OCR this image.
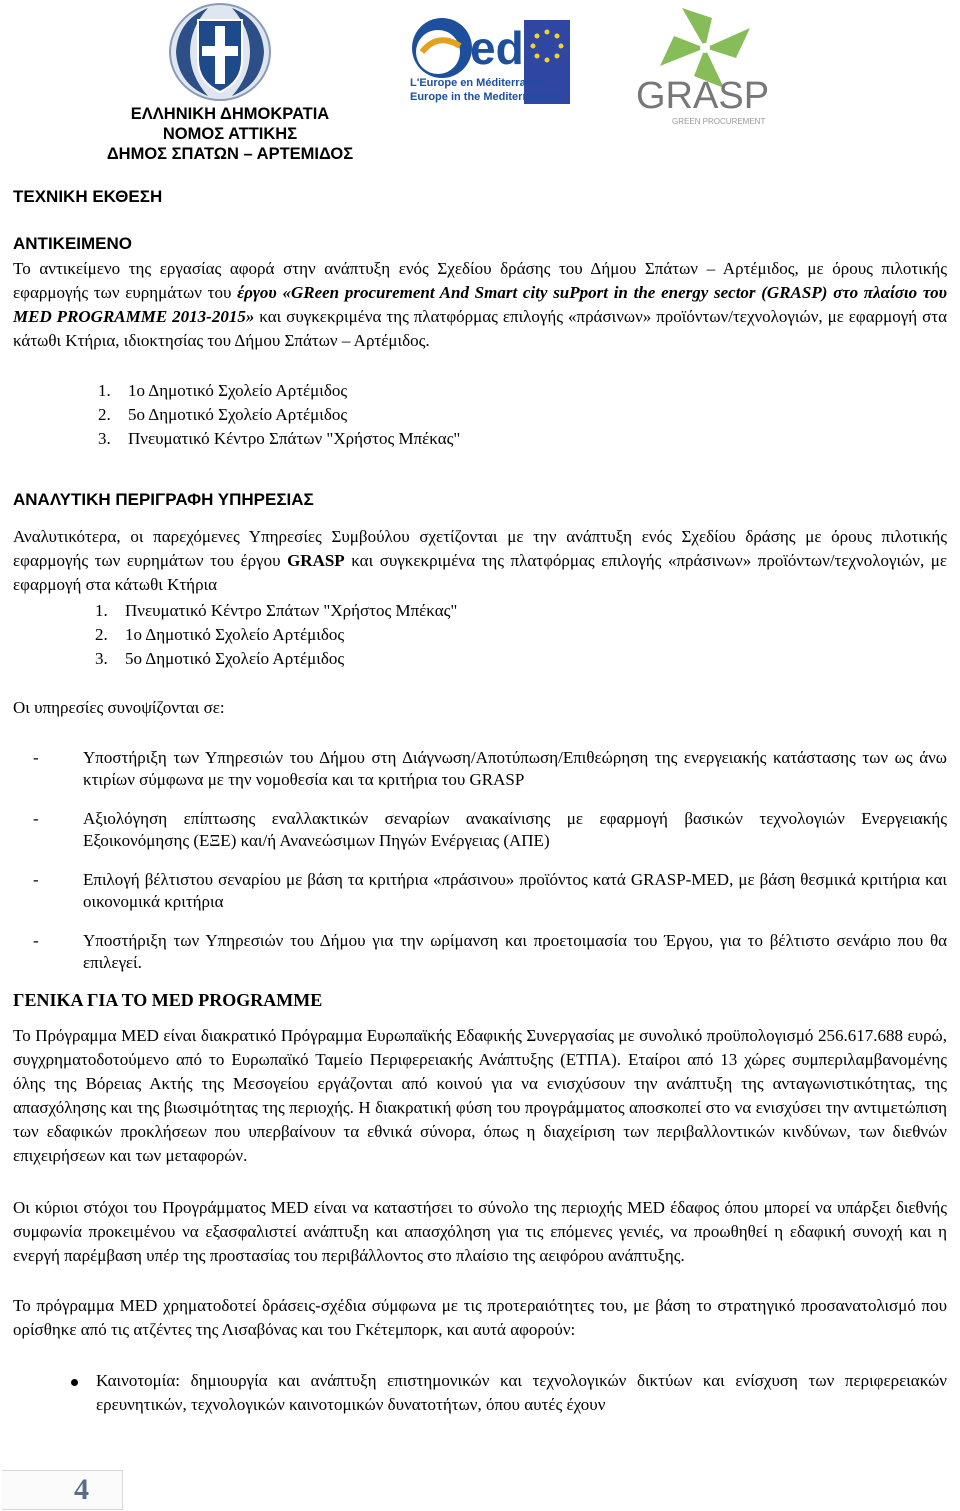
ΕΛΛΗΝΙΚΗ ΔΗΜΟΚΡΑΤΙΑ
ΝΟΜΟΣ ΑΤΤΙΚΗΣ
ΔΗΜΟΣ ΣΠΑΤΩΝ – ΑΡΤΕΜΙΔΟΣ
ed
L'Europe en Méditerranée
Europe in the Mediterranean GRASP
GREEN PROCUREMENT
ΤΕΧΝΙΚΗ ΕΚΘΕΣΗ
ΑΝΤΙΚΕΙΜΕΝΟ

Το αντικείμενο της εργασίας αφορά στην ανάπτυξη ενός Σχεδίου δράσης του Δήμου Σπάτων – Αρτέμιδος, με όρους πιλοτικής εφαρμογής των ευρημάτων του έργου «GReen procurement And Smart city suPport in the energy sector (GRASP) στο πλαίσιο του MED PROGRAMME 2013-2015» και συγκεκριμένα της πλατφόρμας επιλογής «πράσινων» προϊόντων/τεχνολογιών, με εφαρμογή στα κάτωθι Κτήρια, ιδιοκτησίας του Δήμου Σπάτων – Αρτέμιδος.

1. 1ο Δημοτικό Σχολείο Αρτέμιδος
2. 5ο Δημοτικό Σχολείο Αρτέμιδος
3. Πνευματικό Κέντρο Σπάτων "Χρήστος Μπέκας"
ΑΝΑΛΥΤΙΚΗ ΠΕΡΙΓΡΑΦΗ ΥΠΗΡΕΣΙΑΣ

Αναλυτικότερα, οι παρεχόμενες Υπηρεσίες Συμβούλου σχετίζονται με την ανάπτυξη ενός Σχεδίου δράσης με όρους πιλοτικής εφαρμογής των ευρημάτων του έργου GRASP και συγκεκριμένα της πλατφόρμας επιλογής «πράσινων» προϊόντων/τεχνολογιών, με εφαρμογή στα κάτωθι Κτήρια

1. Πνευματικό Κέντρο Σπάτων "Χρήστος Μπέκας"
2. 1ο Δημοτικό Σχολείο Αρτέμιδος
3. 5ο Δημοτικό Σχολείο Αρτέμιδος
Οι υπηρεσίες συνοψίζονται σε:
-	Υποστήριξη των Υπηρεσιών του Δήμου στη Διάγνωση/Αποτύπωση/Επιθεώρηση της ενεργειακής κατάστασης των ως άνω κτιρίων σύμφωνα με την νομοθεσία και τα κριτήρια του GRASP
-	Αξιολόγηση επίπτωσης εναλλακτικών σεναρίων ανακαίνισης με εφαρμογή βασικών τεχνολογιών Ενεργειακής Εξοικονόμησης (ΕΞΕ) και/ή Ανανεώσιμων Πηγών Ενέργειας (ΑΠΕ)
-	Επιλογή βέλτιστου σεναρίου με βάση τα κριτήρια «πράσινου» προϊόντος κατά GRASP-MED, με βάση θεσμικά κριτήρια και οικονομικά κριτήρια
-	Υποστήριξη των Υπηρεσιών του Δήμου για την ωρίμανση και προετοιμασία του Έργου, για το βέλτιστο σενάριο που θα επιλεγεί.
ΓΕΝΙΚΑ ΓΙΑ ΤΟ MED PROGRAMME
Το Πρόγραμμα MED είναι διακρατικό Πρόγραμμα Ευρωπαϊκής Εδαφικής Συνεργασίας με συνολικό προϋπολογισμό 256.617.688 ευρώ, συγχρηματοδοτούμενο από το Ευρωπαϊκό Ταμείο Περιφερειακής Ανάπτυξης (ΕΤΠΑ). Εταίροι από 13 χώρες συμπεριλαμβανομένης όλης της Βόρειας Ακτής της Μεσογείου εργάζονται από κοινού για να ενισχύσουν την ανάπτυξη της ανταγωνιστικότητας, της απασχόλησης και της βιωσιμότητας της περιοχής. Η διακρατική φύση του προγράμματος αποσκοπεί στο να ενισχύσει την αντιμετώπιση των εδαφικών προκλήσεων που υπερβαίνουν τα εθνικά σύνορα, όπως η διαχείριση των περιβαλλοντικών κινδύνων, των διεθνών επιχειρήσεων και των μεταφορών.
Οι κύριοι στόχοι του Προγράμματος MED είναι να καταστήσει το σύνολο της περιοχής MED έδαφος όπου μπορεί να υπάρξει διεθνής συμφωνία προκειμένου να εξασφαλιστεί ανάπτυξη και απασχόληση για τις επόμενες γενιές, να προωθηθεί η εδαφική συνοχή και η ενεργή παρέμβαση υπέρ της προστασίας του περιβάλλοντος στο πλαίσιο της αειφόρου ανάπτυξης.
Το πρόγραμμα MED χρηματοδοτεί δράσεις-σχέδια σύμφωνα με τις προτεραιότητες του, με βάση το στρατηγικό προσανατολισμό που ορίσθηκε από τις ατζέντες της Λισαβόνας και του Γκέτεμπορκ, και αυτά αφορούν:
Καινοτομία: δημιουργία και ανάπτυξη επιστημονικών και τεχνολογικών δικτύων και ενίσχυση των περιφερειακών ερευνητικών, τεχνολογικών καινοτομικών δυνατοτήτων, όπου αυτές έχουν
4
